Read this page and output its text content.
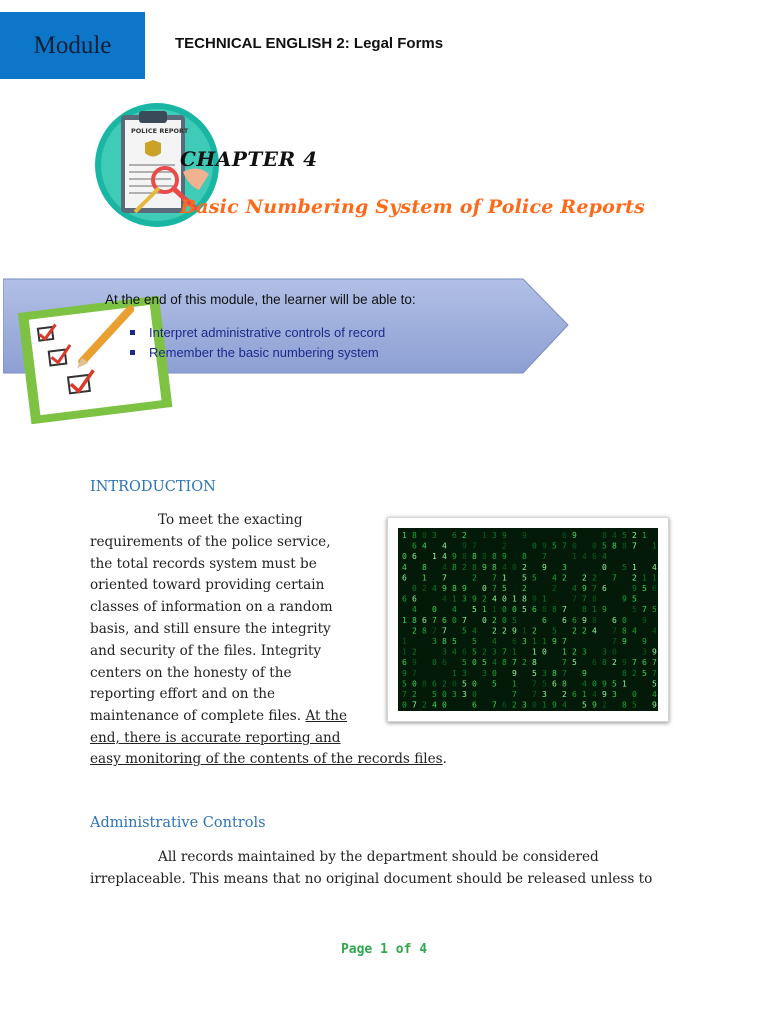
Module	TECHNICAL ENGLISH 2: Legal Forms
POLICE REPORT
CHAPTER 4
Basic Numbering System of Police Reports
At the end of this module, the learner will be able to:
Interpret administrative controls of record
Remember the basic numbering system
INTRODUCTION
To meet the exacting
requirements of the police service,
the total records system must be
oriented toward providing certain
classes of information on a random
basis, and still ensure the integrity
and security of the files. Integrity
centers on the honesty of the
reporting effort and on the
maintenance of complete files. At the
end, there is accurate reporting and
easy monitoring of the contents of the records files.
1
0
4
6
6
1
1
1
6
9
5
7
0
8
6
6
0
6
4
8
2
2
9
7
0
2
7
0
4
8
1
2
6
8
8
2
3
1
4
0
7
7
3
0
6
5
4
4
4
4
7
9
4
6
7
8
3
6
2
0
0
6
9
8
8
1
4
0
5
4
1
0
3
2
9
8
2
9
3
7
5
6
5
3
5
3
7
8
8
2
9
5
4
5
5
0
0
0
6
1
8
9
0
2
1
0
2
5
3
3
8
8
7
7
4
1
2
2
4
3
4
0
5
7
9
2
9
4
1
5
0
0
0
2
7
8
6
0
1
0
5
9
6
1
7
9
1
7
2
9
8
2
5
2
8
5
1
3
2
3
0
5
9
6
2
1
1
8
5
7
7
0
9
7
9
1
8
6
1
0
3
5
3
1
5
4
2
8
5
9
8
6
9
6
7
3
2
7
6
7
1
7
7
8
2
4
9
0
1
4
7
6
2
2
5
6
4
2
9
7
8
9
2
3
9
4
1
5
0
6
2
7
8
1
8
4
6
0
4
9
8
5
4
0
6
9
3
8
9
9
2
4
8
7
6
7
7
0
2
5
3
5
8
5
9
0
8
9
9
8
1
8
2
7
1
2
9
5
5
4
7
2
0
5
1
1
5
7
9
9
3
6
5
1
4
1
6
5
4
9
7
7
5
4
9
Administrative Controls
All records maintained by the department should be considered
irreplaceable. This means that no original document should be released unless to
Page 1 of 4
